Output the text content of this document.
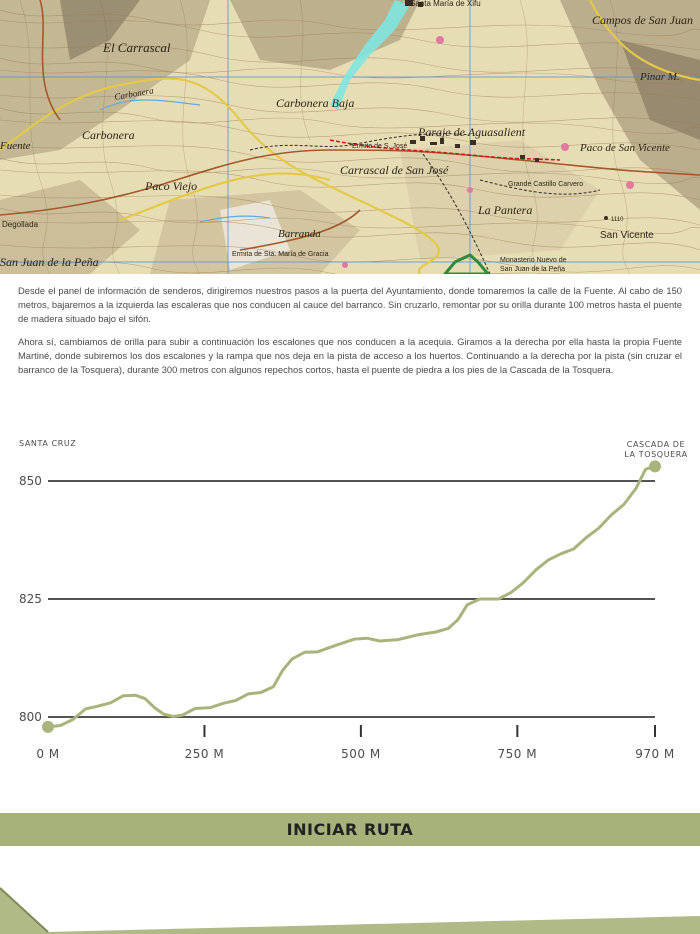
Santa María de Xifu
Campos de San Juan
El Carrascal
Pinar M.
Carbonera Baja
Carbonera
Fuente	Ermita de S. José
Carrascal de San José
Paraje de Aguasalient
Paco de San Vicente
Paco Viejo	Grande Castillo Carvero
La Pantera
San Vicente
1110
Degollada
Barranda
San Juan de la Peña
Ermita de Sta. María de Gracia
Monasterio Nuevo de
San Juan de la Peña
Carbonera

Desde el panel de información de senderos, dirigiremos nuestros pasos a la puerta del Ayuntamiento, donde tomaremos la calle de la Fuente. Al cabo de 150 metros, bajaremos a la izquierda las escaleras que nos conducen al cauce del barranco. Sin cruzarlo, remontar por su orilla durante 100 metros hasta el puente de madera situado bajo el sifón.

Ahora sí, cambiamos de orilla para subir a continuación los escalones que nos conducen a la acequia. Giramos a la derecha por ella hasta la propia Fuente Martiné, donde subiremos los dos escalones y la rampa que nos deja en la pista de acceso a los huertos. Continuando a la derecha por la pista (sin cruzar el barranco de la Tosquera), durante 300 metros con algunos repechos cortos, hasta el puente de piedra a los pies de la Cascada de la Tosquera.

850
825
800
0 M	250 M	500 M	750 M	970 M
SANTA CRUZ	CASCADA DE
LA TOSQUERA
INICIAR RUTA
